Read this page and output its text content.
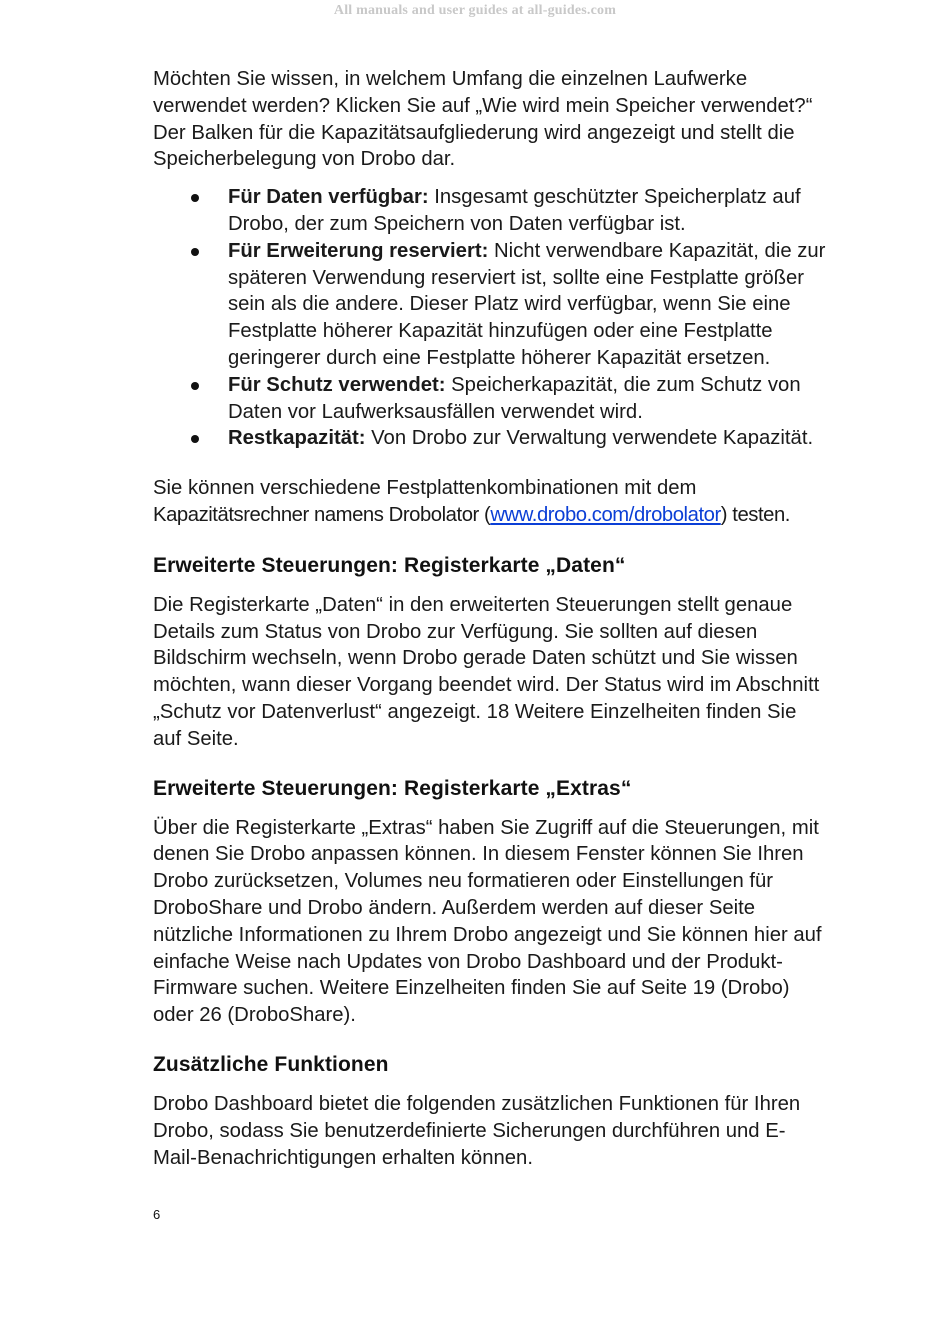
All manuals and user guides at all-guides.com

Möchten Sie wissen, in welchem Umfang die einzelnen Laufwerke verwendet werden? Klicken Sie auf „Wie wird mein Speicher verwendet?“ Der Balken für die Kapazitätsaufgliederung wird angezeigt und stellt die Speicherbelegung von Drobo dar.

Für Daten verfügbar: Insgesamt geschützter Speicherplatz auf Drobo, der zum Speichern von Daten verfügbar ist.
Für Erweiterung reserviert: Nicht verwendbare Kapazität, die zur späteren Verwendung reserviert ist, sollte eine Festplatte größer sein als die andere. Dieser Platz wird verfügbar, wenn Sie eine Festplatte höherer Kapazität hinzufügen oder eine Festplatte geringerer durch eine Festplatte höherer Kapazität ersetzen.
Für Schutz verwendet: Speicherkapazität, die zum Schutz von Daten vor Laufwerksausfällen verwendet wird.
Restkapazität: Von Drobo zur Verwaltung verwendete Kapazität.

Sie können verschiedene Festplattenkombinationen mit dem
Kapazitätsrechner namens Drobolator (www.drobo.com/drobolator) testen.

Erweiterte Steuerungen: Registerkarte „Daten“

Die Registerkarte „Daten“ in den erweiterten Steuerungen stellt genaue Details zum Status von Drobo zur Verfügung. Sie sollten auf diesen Bildschirm wechseln, wenn Drobo gerade Daten schützt und Sie wissen möchten, wann dieser Vorgang beendet wird. Der Status wird im Abschnitt „Schutz vor Datenverlust“ angezeigt. 18 Weitere Einzelheiten finden Sie auf Seite.

Erweiterte Steuerungen: Registerkarte „Extras“

Über die Registerkarte „Extras“ haben Sie Zugriff auf die Steuerungen, mit denen Sie Drobo anpassen können. In diesem Fenster können Sie Ihren Drobo zurücksetzen, Volumes neu formatieren oder Einstellungen für DroboShare und Drobo ändern. Außerdem werden auf dieser Seite nützliche Informationen zu Ihrem Drobo angezeigt und Sie können hier auf einfache Weise nach Updates von Drobo Dashboard und der Produkt-Firmware suchen. Weitere Einzelheiten finden Sie auf Seite 19 (Drobo) oder 26 (DroboShare).

Zusätzliche Funktionen

Drobo Dashboard bietet die folgenden zusätzlichen Funktionen für Ihren Drobo, sodass Sie benutzerdefinierte Sicherungen durchführen und E-Mail-Benachrichtigungen erhalten können.

6
